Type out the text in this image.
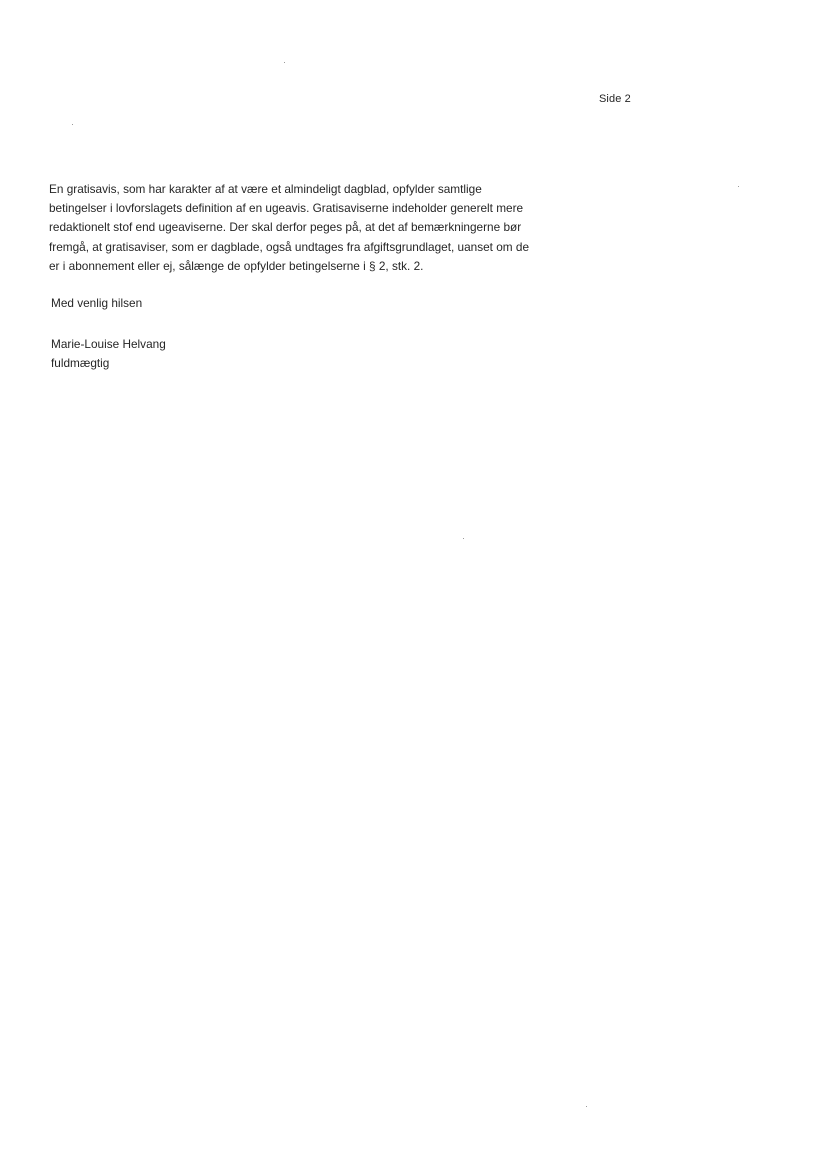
Side 2

En gratisavis, som har karakter af at være et almindeligt dagblad, opfylder samtlige
betingelser i lovforslagets definition af en ugeavis. Gratisaviserne indeholder generelt mere
redaktionelt stof end ugeaviserne. Der skal derfor peges på, at det af bemærkningerne bør
fremgå, at gratisaviser, som er dagblade, også undtages fra afgiftsgrundlaget, uanset om de
er i abonnement eller ej, sålænge de opfylder betingelserne i § 2, stk. 2.

Med venlig hilsen

Marie-Louise Helvang
fuldmægtig
